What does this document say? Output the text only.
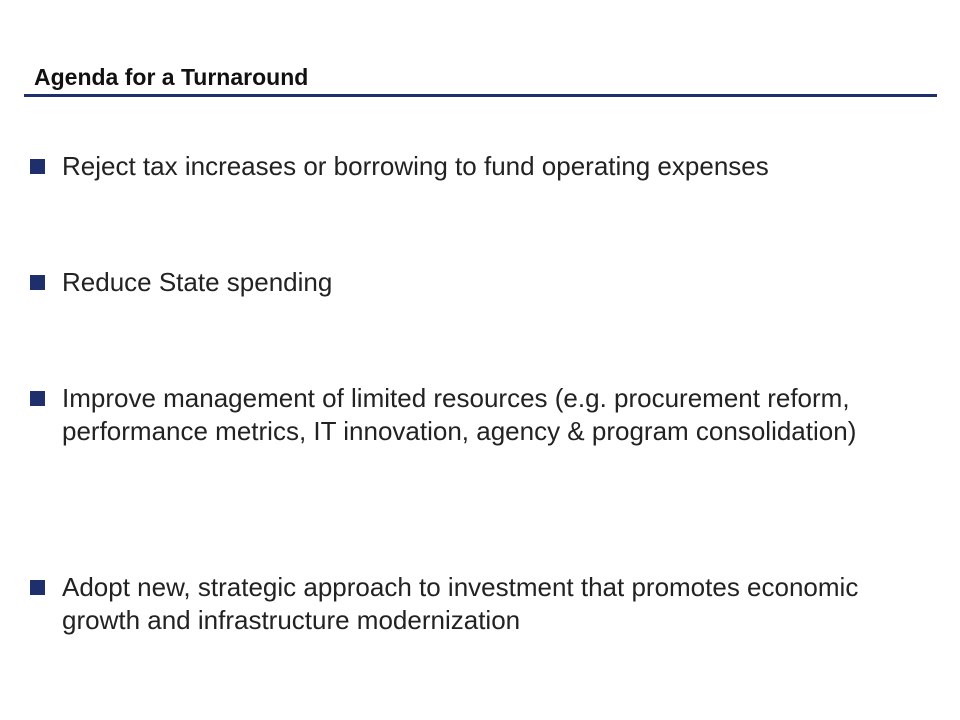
Agenda for a Turnaround
Reject tax increases or borrowing to fund operating expenses
Reduce State spending
Improve management of limited resources (e.g. procurement reform, performance metrics, IT innovation, agency & program consolidation)
Adopt new, strategic approach to investment that promotes economic growth and infrastructure modernization
